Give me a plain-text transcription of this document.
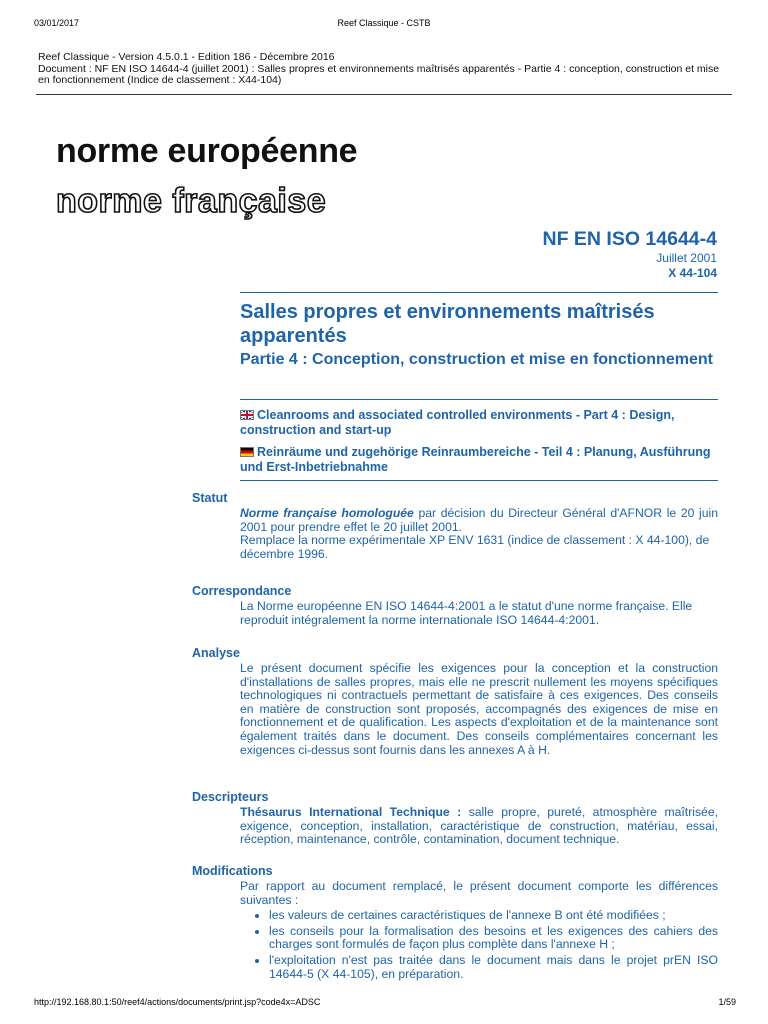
03/01/2017	Reef Classique - CSTB
Reef Classique - Version 4.5.0.1 - Edition 186 - Décembre 2016
Document : NF EN ISO 14644-4 (juillet 2001) : Salles propres et environnements maîtrisés apparentés - Partie 4 : conception, construction et mise en fonctionnement (Indice de classement : X44-104)
norme européenne
norme française
NF EN ISO 14644-4
Juillet 2001
X 44-104
Salles propres et environnements maîtrisés apparentés
Partie 4 : Conception, construction et mise en fonctionnement
Cleanrooms and associated controlled environments - Part 4 : Design, construction and start-up
Reinräume und zugehörige Reinraumbereiche - Teil 4 : Planung, Ausführung und Erst-Inbetriebnahme
Statut

Norme française homologuée par décision du Directeur Général d'AFNOR le 20 juin 2001 pour prendre effet le 20 juillet 2001.

Remplace la norme expérimentale XP ENV 1631 (indice de classement : X 44-100), de décembre 1996.

Correspondance
La Norme européenne EN ISO 14644-4:2001 a le statut d'une norme française. Elle reproduit intégralement la norme internationale ISO 14644-4:2001.
Analyse
Le présent document spécifie les exigences pour la conception et la construction d'installations de salles propres, mais elle ne prescrit nullement les moyens spécifiques technologiques ni contractuels permettant de satisfaire à ces exigences. Des conseils en matière de construction sont proposés, accompagnés des exigences de mise en fonctionnement et de qualification. Les aspects d'exploitation et de la maintenance sont également traités dans le document. Des conseils complémentaires concernant les exigences ci-dessus sont fournis dans les annexes A à H.
Descripteurs
Thésaurus International Technique : salle propre, pureté, atmosphère maîtrisée, exigence, conception, installation, caractéristique de construction, matériau, essai, réception, maintenance, contrôle, contamination, document technique.
Modifications

Par rapport au document remplacé, le présent document comporte les différences suivantes :

• les valeurs de certaines caractéristiques de l'annexe B ont été modifiées ;
• les conseils pour la formalisation des besoins et les exigences des cahiers des charges sont formulés de façon plus complète dans l'annexe H ;
• l'exploitation n'est pas traitée dans le document mais dans le projet prEN ISO 14644-5 (X 44-105), en préparation.
http://192.168.80.1:50/reef4/actions/documents/print.jsp?code4x=ADSC	1/59
